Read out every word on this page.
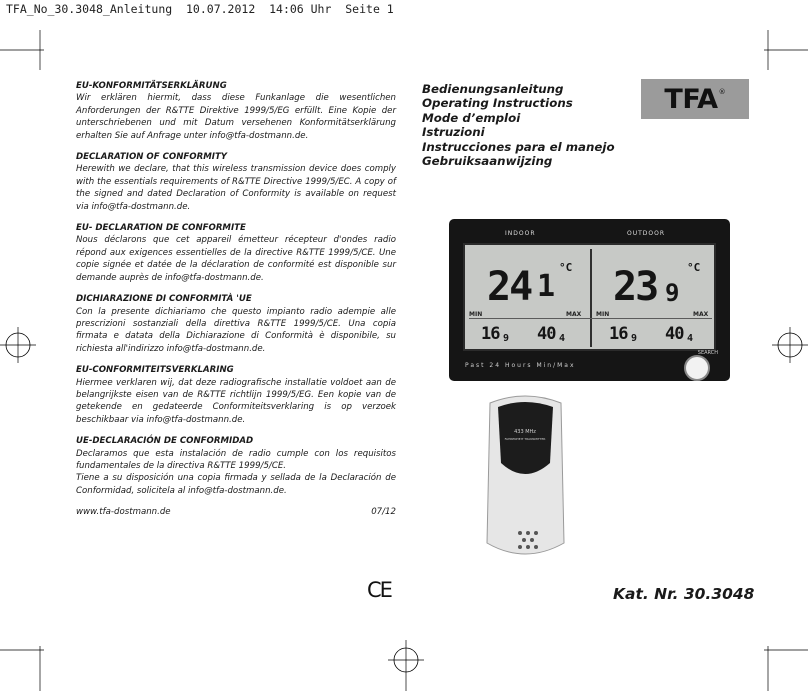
TFA_No_30.3048_Anleitung  10.07.2012  14:06 Uhr  Seite 1
EU-KONFORMITÄTSERKLÄRUNG
Wir erklären hiermit, dass diese Funkanlage die wesentlichen Anforderungen der R&TTE Direktive 1999/5/EG erfüllt. Eine Kopie der unterschriebenen und mit Datum versehenen Konformitätserklärung erhalten Sie auf Anfrage unter info@tfa-dostmann.de.
DECLARATION OF CONFORMITY
Herewith we declare, that this wireless transmission device does comply with the essentials requirements of R&TTE Directive 1999/5/EC. A copy of the signed and dated Declaration of Conformity is available on request via info@tfa-dostmann.de.
EU- DECLARATION DE CONFORMITE
Nous déclarons que cet appareil émetteur récepteur d'ondes radio répond aux exigences essentielles de la directive R&TTE 1999/5/CE. Une copie signée et datée de la déclaration de conformité est disponible sur demande auprès de info@tfa-dostmann.de.
DICHIARAZIONE DI CONFORMITÀ 'UE
Con la presente dichiariamo che questo impianto radio adempie alle prescrizioni sostanziali della direttiva R&TTE 1999/5/CE. Una copia firmata e datata della Dichiarazione di Conformità è disponibile, su richiesta all'indirizzo info@tfa-dostmann.de.
EU-CONFORMITEITSVERKLARING
Hiermee verklaren wij, dat deze radiografische installatie voldoet aan de belangrijkste eisen van de R&TTE richtlijn 1999/5/EG. Een kopie van de getekende en gedateerde Conformiteitsverklaring is op verzoek beschikbaar via info@tfa-dostmann.de.
UE-DECLARACIÓN DE CONFORMIDAD
Declaramos que esta instalación de radio cumple con los requisitos fundamentales de la directiva R&TTE 1999/5/CE.
Tiene a su disposición una copia firmada y sellada de la Declaración de Conformidad, solicitela al info@tfa-dostmann.de.
www.tfa-dostmann.de	07/12
Bedienungsanleitung
Operating Instructions
Mode d’emploi
Istruzioni
Instrucciones para el manejo
Gebruiksaanwijzing
TFA®
INDOOR	OUTDOOR
24 1
°C 23 9
°C
MIN	MAX MIN	MAX
16 9 40 4	16 9 40 4
SEARCH
Past 24 Hours Min/Max
433 MHz
FAHRENHEIT TRANSMITTER
CE	Kat. Nr. 30.3048
